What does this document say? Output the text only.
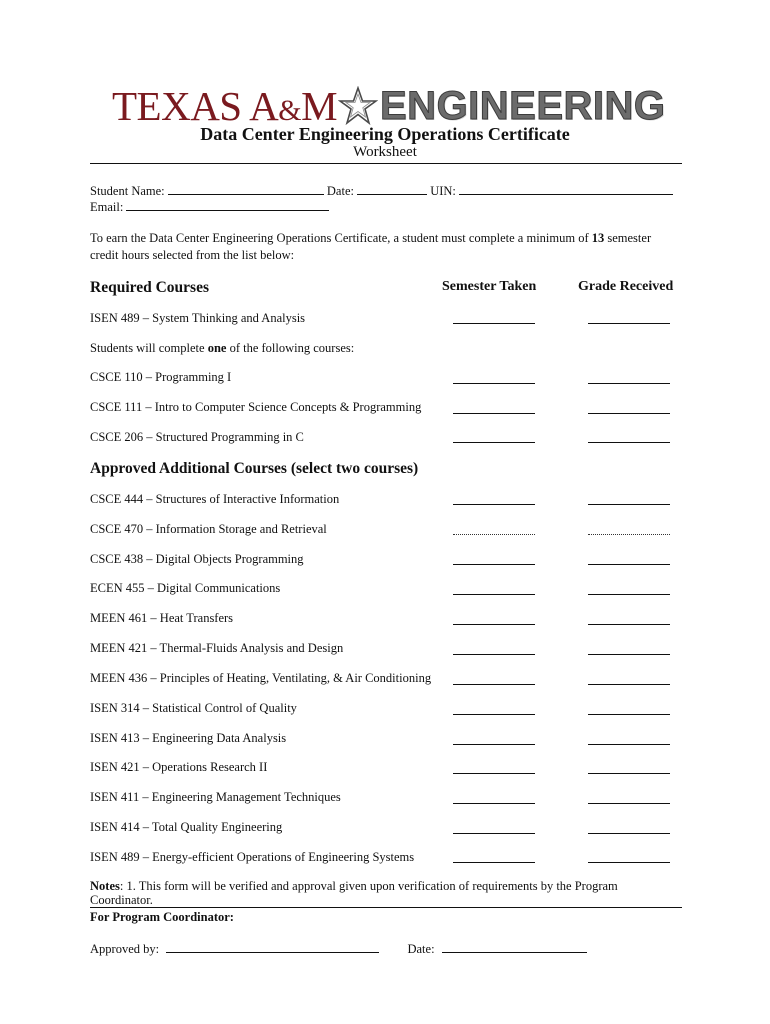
TEXAS A&M ENGINEERING
Data Center Engineering Operations Certificate
Worksheet
Student Name:	Date:	UIN:
Email:
To earn the Data Center Engineering Operations Certificate, a student must complete a minimum of 13 semester credit hours selected from the list below:
Required Courses	Semester Taken	Grade Received
ISEN 489 – System Thinking and Analysis
Students will complete one of the following courses:
CSCE 110 – Programming I
CSCE 111 – Intro to Computer Science Concepts & Programming
CSCE 206 – Structured Programming in C
Approved Additional Courses (select two courses)
CSCE 444 – Structures of Interactive Information
CSCE 470 – Information Storage and Retrieval
CSCE 438 – Digital Objects Programming
ECEN 455 – Digital Communications
MEEN 461 – Heat Transfers
MEEN 421 – Thermal-Fluids Analysis and Design
MEEN 436 – Principles of Heating, Ventilating, & Air Conditioning
ISEN 314 – Statistical Control of Quality
ISEN 413 – Engineering Data Analysis
ISEN 421 – Operations Research II
ISEN 411 – Engineering Management Techniques
ISEN 414 – Total Quality Engineering
ISEN 489 – Energy-efficient Operations of Engineering Systems
Notes: 1. This form will be verified and approval given upon verification of requirements by the Program Coordinator.
For Program Coordinator:
Approved by:	Date:
